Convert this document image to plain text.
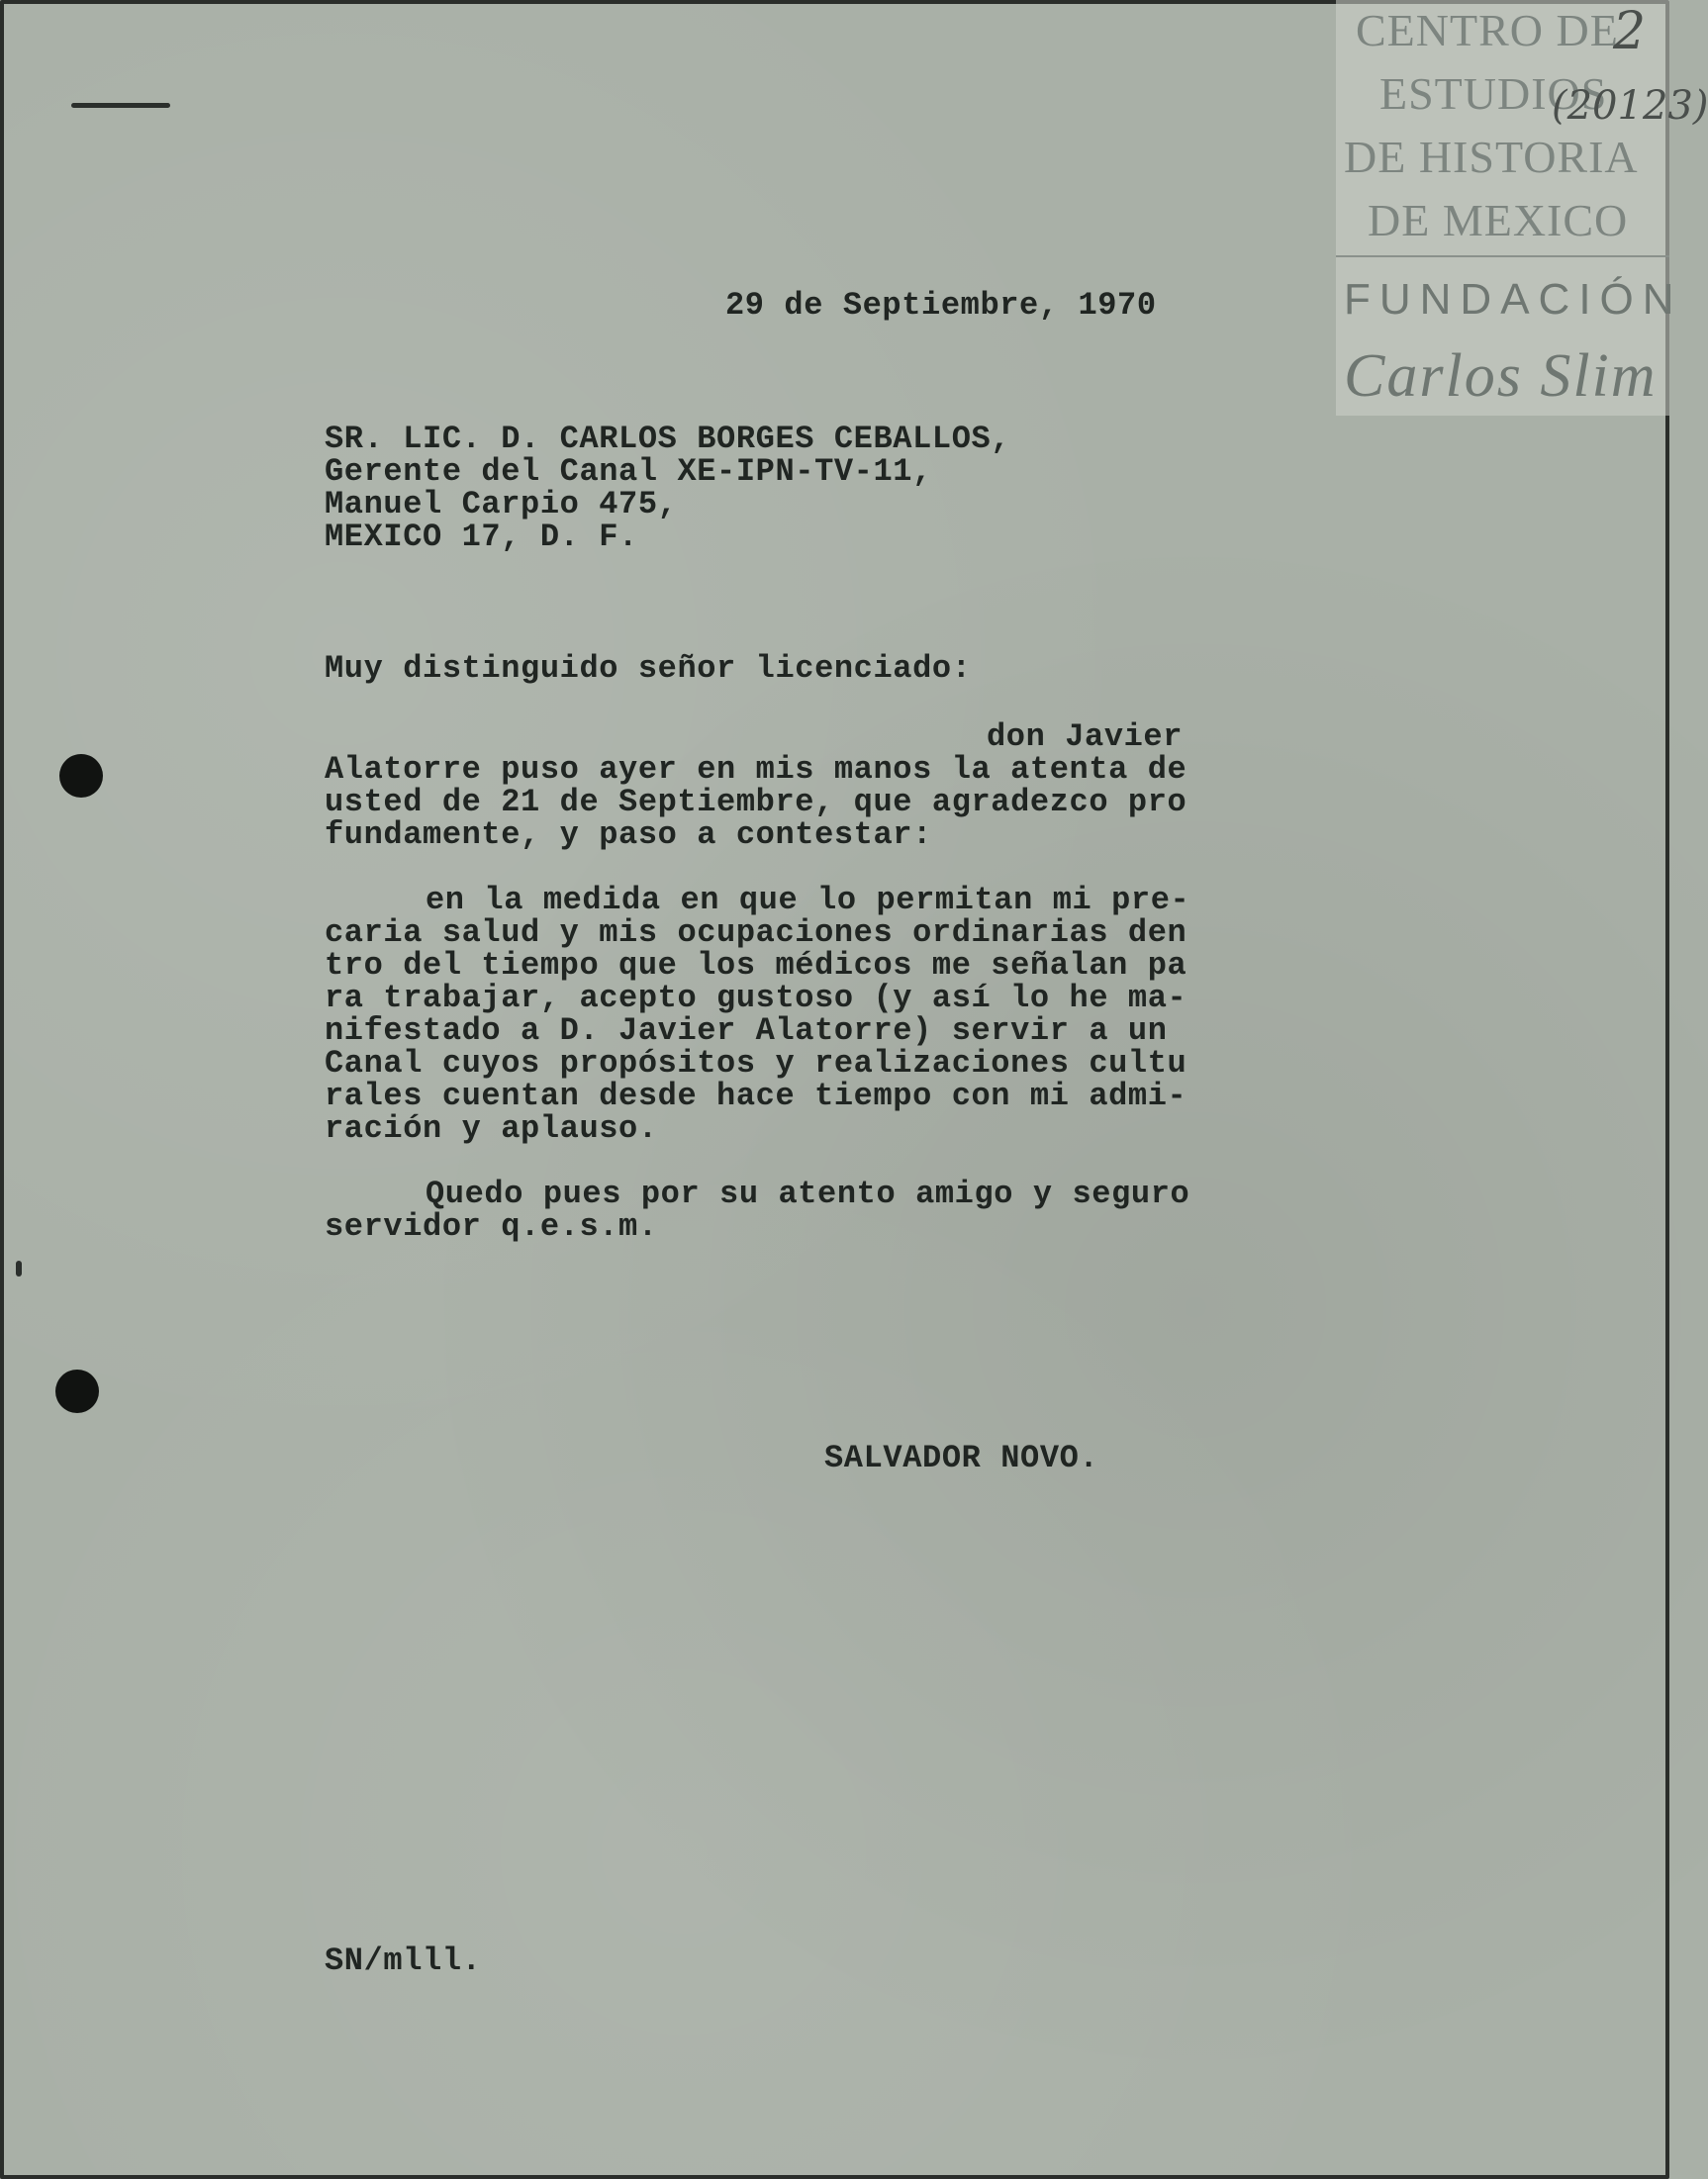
CENTRO DE
ESTUDIOS
DE HISTORIA
DE MEXICO
FUNDACIÓN
Carlos Slim
2
(20123)
29 de Septiembre, 1970
SR. LIC. D. CARLOS BORGES CEBALLOS,
Gerente del Canal XE-IPN-TV-11,
Manuel Carpio 475,
MEXICO 17, D. F.
Muy distinguido señor licenciado:
don Javier
Alatorre puso ayer en mis manos la atenta de
usted de 21 de Septiembre, que agradezco pro
fundamente, y paso a contestar:
en la medida en que lo permitan mi pre-
caria salud y mis ocupaciones ordinarias den
tro del tiempo que los médicos me señalan pa
ra trabajar, acepto gustoso (y así lo he ma-
nifestado a D. Javier Alatorre) servir a un
Canal cuyos propósitos y realizaciones cultu
rales cuentan desde hace tiempo con mi admi-
ración y aplauso.
Quedo pues por su atento amigo y seguro
servidor q.e.s.m.
SALVADOR NOVO.
SN/mlll.
